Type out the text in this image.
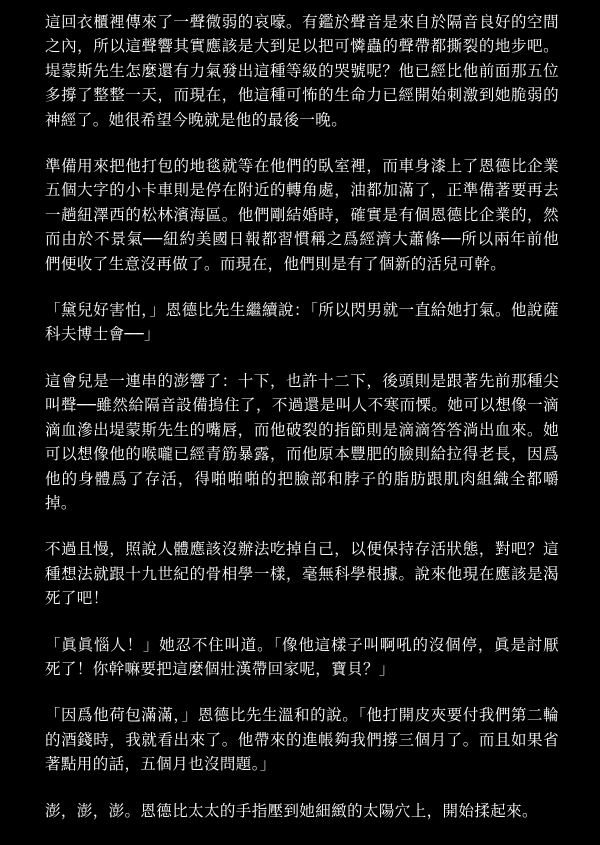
這回衣櫃裡傳來了一聲微弱的哀嚎。有鑑於聲音是來自於隔音良好的空間之內，所以這聲響其實應該是大到足以把可憐蟲的聲帶都撕裂的地步吧。堤蒙斯先生怎麼還有力氣發出這種等級的哭號呢？他已經比他前面那五位多撐了整整一天，而現在，他這種可怖的生命力已經開始刺激到她脆弱的神經了。她很希望今晚就是他的最後一晚。

準備用來把他打包的地毯就等在他們的臥室裡，而車身漆上了恩德比企業五個大字的小卡車則是停在附近的轉角處，油都加滿了，正準備著要再去一趟紐澤西的松林濱海區。他們剛結婚時，確實是有個恩德比企業的，然而由於不景氣──紐約美國日報都習慣稱之爲經濟大蕭條──所以兩年前他們便收了生意沒再做了。而現在，他們則是有了個新的活兒可幹。

「黛兒好害怕，」恩德比先生繼續說：「所以閃男就一直給她打氣。他說薩科夫博士會──」

這會兒是一連串的澎響了：十下，也許十二下，後頭則是跟著先前那種尖叫聲──雖然給隔音設備摀住了，不過還是叫人不寒而慄。她可以想像一滴滴血滲出堤蒙斯先生的嘴唇，而他破裂的指節則是滴滴答答淌出血來。她可以想像他的喉嚨已經青筋暴露，而他原本豐肥的臉則給拉得老長，因爲他的身體爲了存活，得啪啪啪的把臉部和脖子的脂肪跟肌肉組織全都嚼掉。

不過且慢，照說人體應該沒辦法吃掉自己，以便保持存活狀態，對吧？這種想法就跟十九世紀的骨相學一樣，毫無科學根據。說來他現在應該是渴死了吧！

「眞眞惱人！」她忍不住叫道。「像他這樣子叫啊吼的沒個停，眞是討厭死了！你幹嘛要把這麼個壯漢帶回家呢，寶貝？」

「因爲他荷包滿滿，」恩德比先生溫和的說。「他打開皮夾要付我們第二輪的酒錢時，我就看出來了。他帶來的進帳夠我們撐三個月了。而且如果省著點用的話，五個月也沒問題。」

澎，澎，澎。恩德比太太的手指壓到她細緻的太陽穴上，開始揉起來。
